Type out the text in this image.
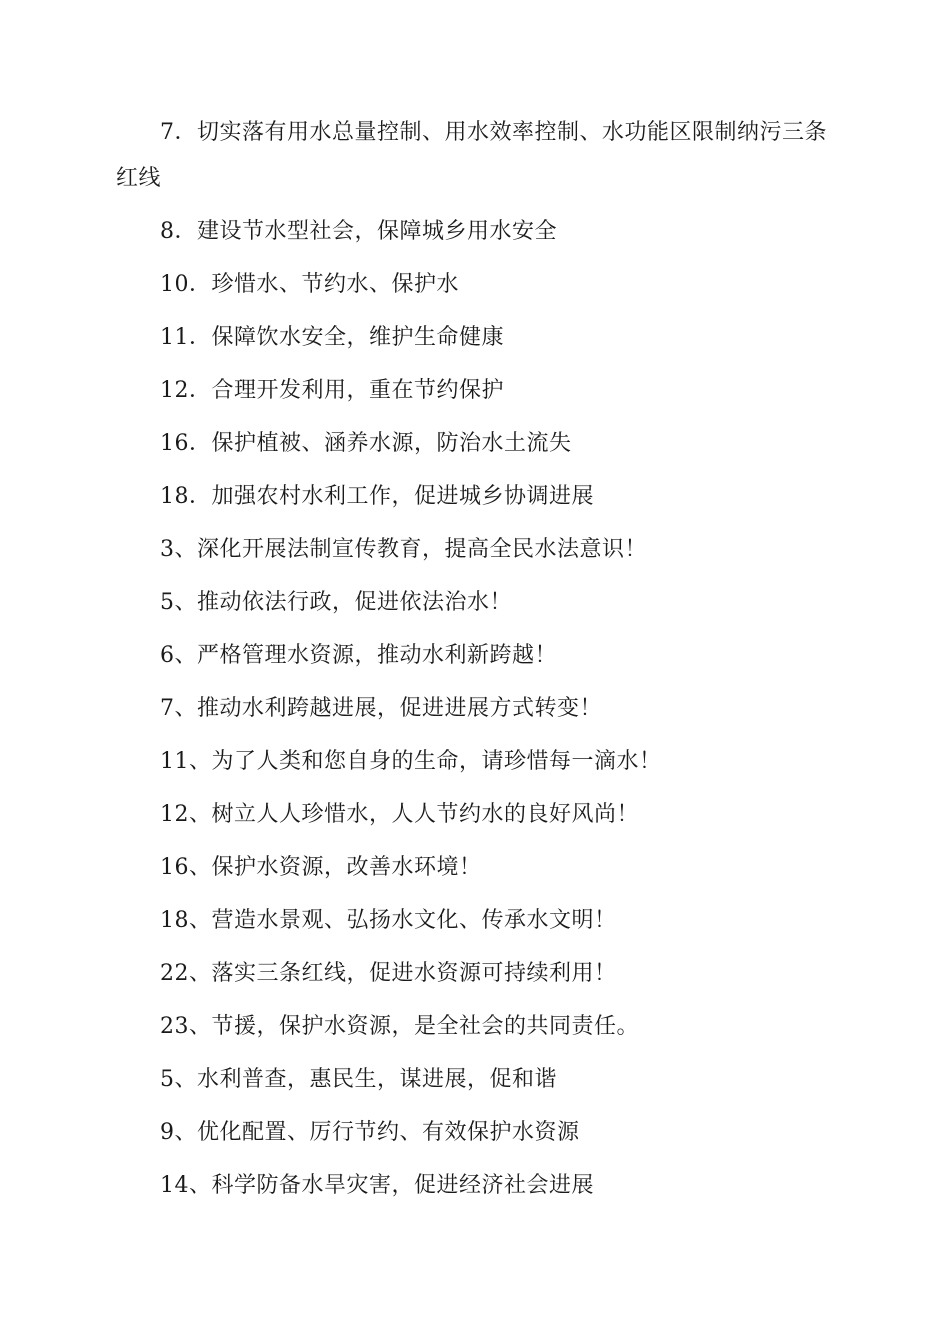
7．切实落有用水总量控制、用水效率控制、水功能区限制纳污三条红线

8．建设节水型社会，保障城乡用水安全

10．珍惜水、节约水、保护水

11．保障饮水安全，维护生命健康

12．合理开发利用，重在节约保护

16．保护植被、涵养水源，防治水土流失

18．加强农村水利工作，促进城乡协调进展

3、深化开展法制宣传教育，提高全民水法意识！

5、推动依法行政，促进依法治水！

6、严格管理水资源，推动水利新跨越！

7、推动水利跨越进展，促进进展方式转变！

11、为了人类和您自身的生命，请珍惜每一滴水！

12、树立人人珍惜水，人人节约水的良好风尚！

16、保护水资源，改善水环境！

18、营造水景观、弘扬水文化、传承水文明！

22、落实三条红线，促进水资源可持续利用！

23、节援，保护水资源，是全社会的共同责任。

5、水利普查，惠民生，谋进展，促和谐

9、优化配置、厉行节约、有效保护水资源

14、科学防备水旱灾害，促进经济社会进展
